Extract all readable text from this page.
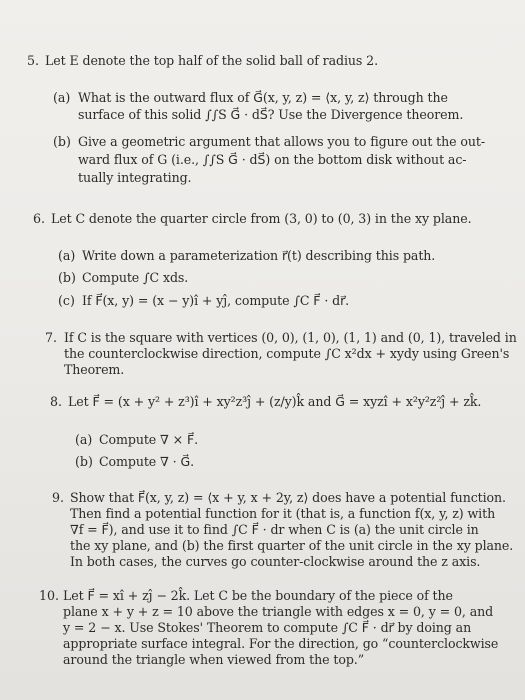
5. Let E denote the top half of the solid ball of radius 2.
(a) What is the outward flux of G⃗(x, y, z) = ⟨x, y, z⟩ through the
surface of this solid ∫∫S G⃗ · dS⃗? Use the Divergence theorem.
(b) Give a geometric argument that allows you to figure out the out-
ward flux of G (i.e., ∫∫S G⃗ · dS⃗) on the bottom disk without ac-
tually integrating.
6. Let C denote the quarter circle from (3, 0) to (0, 3) in the xy plane.
(a) Write down a parameterization r⃗(t) describing this path.
(b) Compute ∫C xds.
(c) If F⃗(x, y) = (x − y)î + yĵ, compute ∫C F⃗ · dr⃗.
7. If C is the square with vertices (0, 0), (1, 0), (1, 1) and (0, 1), traveled in
the counterclockwise direction, compute ∫C x²dx + xydy using Green's
Theorem.
8. Let F⃗ = (x + y² + z³)î + xy²z³ĵ + (z/y)k̂ and G⃗ = xyzî + x²y²z²ĵ + zk̂.
(a) Compute ∇ × F⃗.
(b) Compute ∇ · G⃗.
9. Show that F⃗(x, y, z) = ⟨x + y, x + 2y, z⟩ does have a potential function.
Then find a potential function for it (that is, a function f(x, y, z) with
∇f = F⃗), and use it to find ∫C F⃗ · dr when C is (a) the unit circle in
the xy plane, and (b) the first quarter of the unit circle in the xy plane.
In both cases, the curves go counter-clockwise around the z axis.
10. Let F⃗ = xî + zĵ − 2k̂. Let C be the boundary of the piece of the
plane x + y + z = 10 above the triangle with edges x = 0, y = 0, and
y = 2 − x. Use Stokes' Theorem to compute ∫C F⃗ · dr⃗ by doing an
appropriate surface integral. For the direction, go “counterclockwise
around the triangle when viewed from the top.”
